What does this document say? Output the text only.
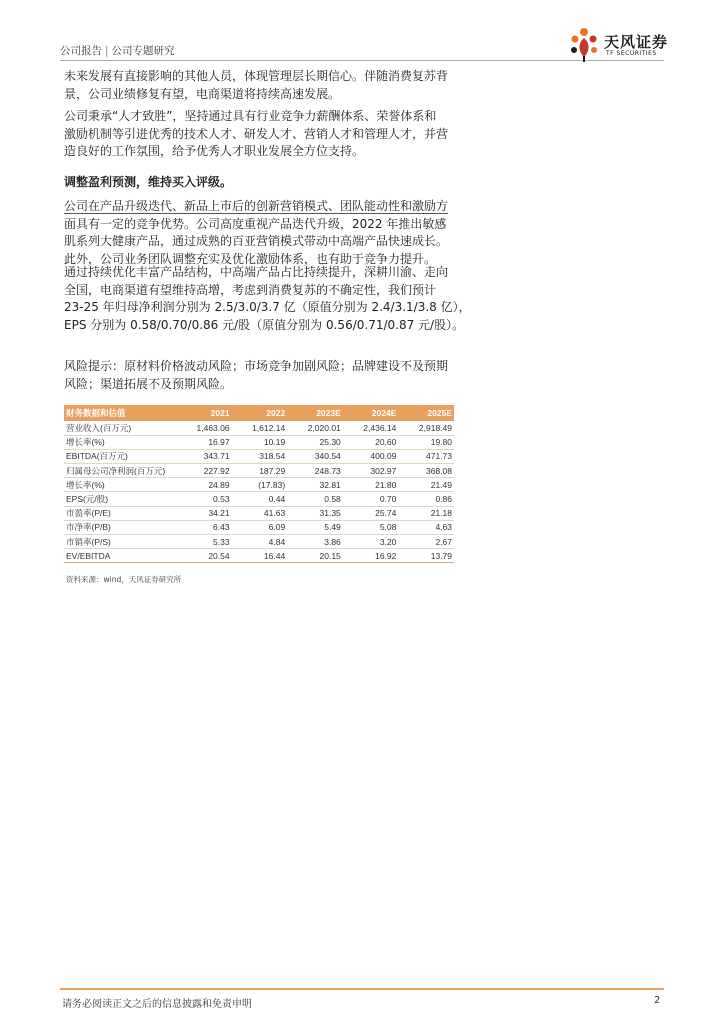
公司报告 | 公司专题研究	天风证券
TF SECURITIES
未来发展有直接影响的其他人员，体现管理层长期信心。伴随消费复苏背
景，公司业绩修复有望，电商渠道将持续高速发展。
公司秉承“人才致胜”，坚持通过具有行业竞争力薪酬体系、荣誉体系和
激励机制等引进优秀的技术人才、研发人才、营销人才和管理人才，并营
造良好的工作氛围，给予优秀人才职业发展全方位支持。
调整盈利预测，维持买入评级。
公司在产品升级迭代、新品上市后的创新营销模式、团队能动性和激励方
面具有一定的竞争优势。公司高度重视产品迭代升级，2022 年推出敏感
肌系列大健康产品，通过成熟的百亚营销模式带动中高端产品快速成长。
此外，公司业务团队调整充实及优化激励体系，也有助于竞争力提升。
通过持续优化丰富产品结构，中高端产品占比持续提升，深耕川渝、走向
全国，电商渠道有望维持高增，考虑到消费复苏的不确定性，我们预计
23-25 年归母净利润分别为 2.5/3.0/3.7 亿（原值分别为 2.4/3.1/3.8 亿），
EPS 分别为 0.58/0.70/0.86 元/股（原值分别为 0.56/0.71/0.87 元/股）。
风险提示：原材料价格波动风险；市场竞争加剧风险；品牌建设不及预期
风险；渠道拓展不及预期风险。
财务数据和估值	2021	2022	2023E	2024E	2025E
营业收入(百万元)	1,463.06	1,612.14	2,020.01	2,436.14	2,918.49
增长率(%)	16.97	10.19	25.30	20.60	19.80
EBITDA(百万元)	343.71	318.54	340.54	400.09	471.73
归属母公司净利润(百万元)	227.92	187.29	248.73	302.97	368.08
增长率(%)	24.89	(17.83)	32.81	21.80	21.49
EPS(元/股)	0.53	0.44	0.58	0.70	0.86
市盈率(P/E)	34.21	41.63	31.35	25.74	21.18
市净率(P/B)	6.43	6.09	5.49	5.08	4.63
市销率(P/S)	5.33	4.84	3.86	3.20	2.67
EV/EBITDA	20.54	16.44	20.15	16.92	13.79
资料来源：wind，天风证券研究所
请务必阅读正文之后的信息披露和免责申明	2
